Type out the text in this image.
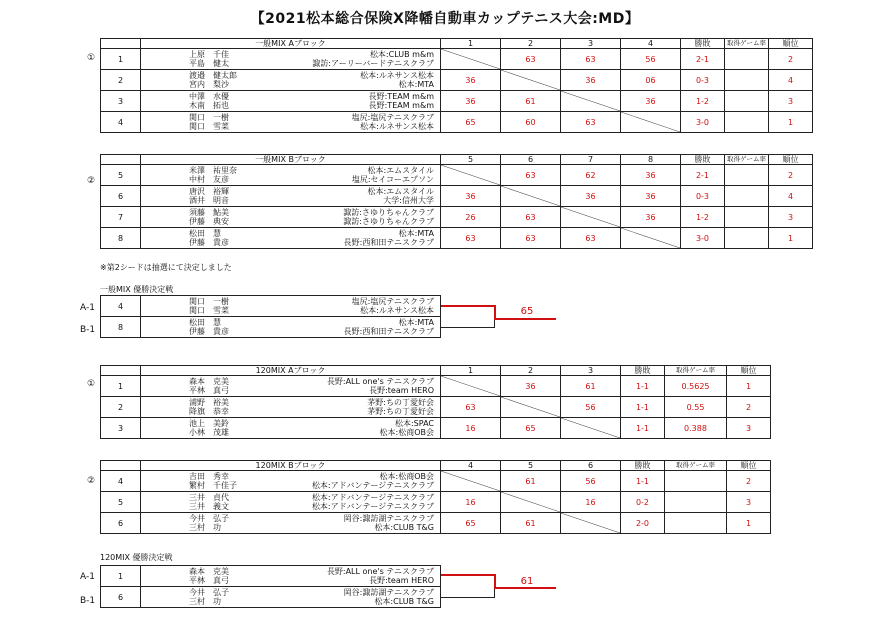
【2021松本総合保険X降幡自動車カップテニス大会:MD】
①
	一般MIX Aブロック	1	2	3	4	勝敗	取得ゲーム率	順位
1	上原　千佳
平島　健太
松本:CLUB m&m
諏訪:アーリーバードテニスクラブ		63	63	56	2-1		2
2	渡邉　健太郎
宮内　梨沙
松本:ルネサンス松本
松本:MTA	36		36	06	0-3		4
3	中澤　水優
木南　拓也
長野:TEAM m&m
長野:TEAM m&m	36	61		36	1-2		3
4	関口　一樹
関口　雪菜
塩尻:塩尻テニスクラブ
松本:ルネサンス松本	65	60	63		3-0		1
②
	一般MIX Bブロック	5	6	7	8	勝敗	取得ゲーム率	順位
5	米澤　祐里奈
中村　友彦
松本:エムスタイル
塩尻:セイコーエプソン		63	62	36	2-1		2
6	唐沢　裕輝
酒井　明音
松本:エムスタイル
大学:信州大学	36		36	36	0-3		4
7	須藤　鮎美
伊藤　典安
諏訪:さゆりちゃんクラブ
諏訪:さゆりちゃんクラブ	26	63		36	1-2		3
8	松田　慧
伊藤　貴彦
松本:MTA
長野:西和田テニスクラブ	63	63	63		3-0		1
※第2シードは抽選にて決定しました
一般MIX 優勝決定戦
A-1
B-1
4	関口　一樹
関口　雪菜
塩尻:塩尻テニスクラブ
松本:ルネサンス松本

8	松田　慧
伊藤　貴彦
松本:MTA
長野:西和田テニスクラブ
65
①
	120MIX Aブロック	1	2	3	勝敗	取得ゲーム率	順位
1	森本　克美
平林　真弓
長野:ALL one's テニスクラブ
長野:team HERO		36	61	1-1	0.5625	1
2	浦野　裕美
降旗　恭幸
茅野:ちの丁愛好会
茅野:ちの丁愛好会	63		56	1-1	0.55	2
3	池上　美鈴
小林　茂雄
松本:SPAC
松本:松商OB会	16	65		1-1	0.388	3
②
	120MIX Bブロック	4	5	6	勝敗	取得ゲーム率	順位
4	吉田　秀幸
繁村　千佳子
松本:松商OB会
松本:アドバンテージテニスクラブ		61	56	1-1		2
5	三井　貞代
三井　義文
松本:アドバンテージテニスクラブ
松本:アドバンテージテニスクラブ	16		16	0-2		3
6	今井　弘子
三村　功
岡谷:諏訪湖テニスクラブ
松本:CLUB T&G	65	61		2-0		1
120MIX 優勝決定戦
A-1
B-1
1	森本　克美
平林　真弓
長野:ALL one's テニスクラブ
長野:team HERO

6	今井　弘子
三村　功
岡谷:諏訪湖テニスクラブ
松本:CLUB T&G
61
